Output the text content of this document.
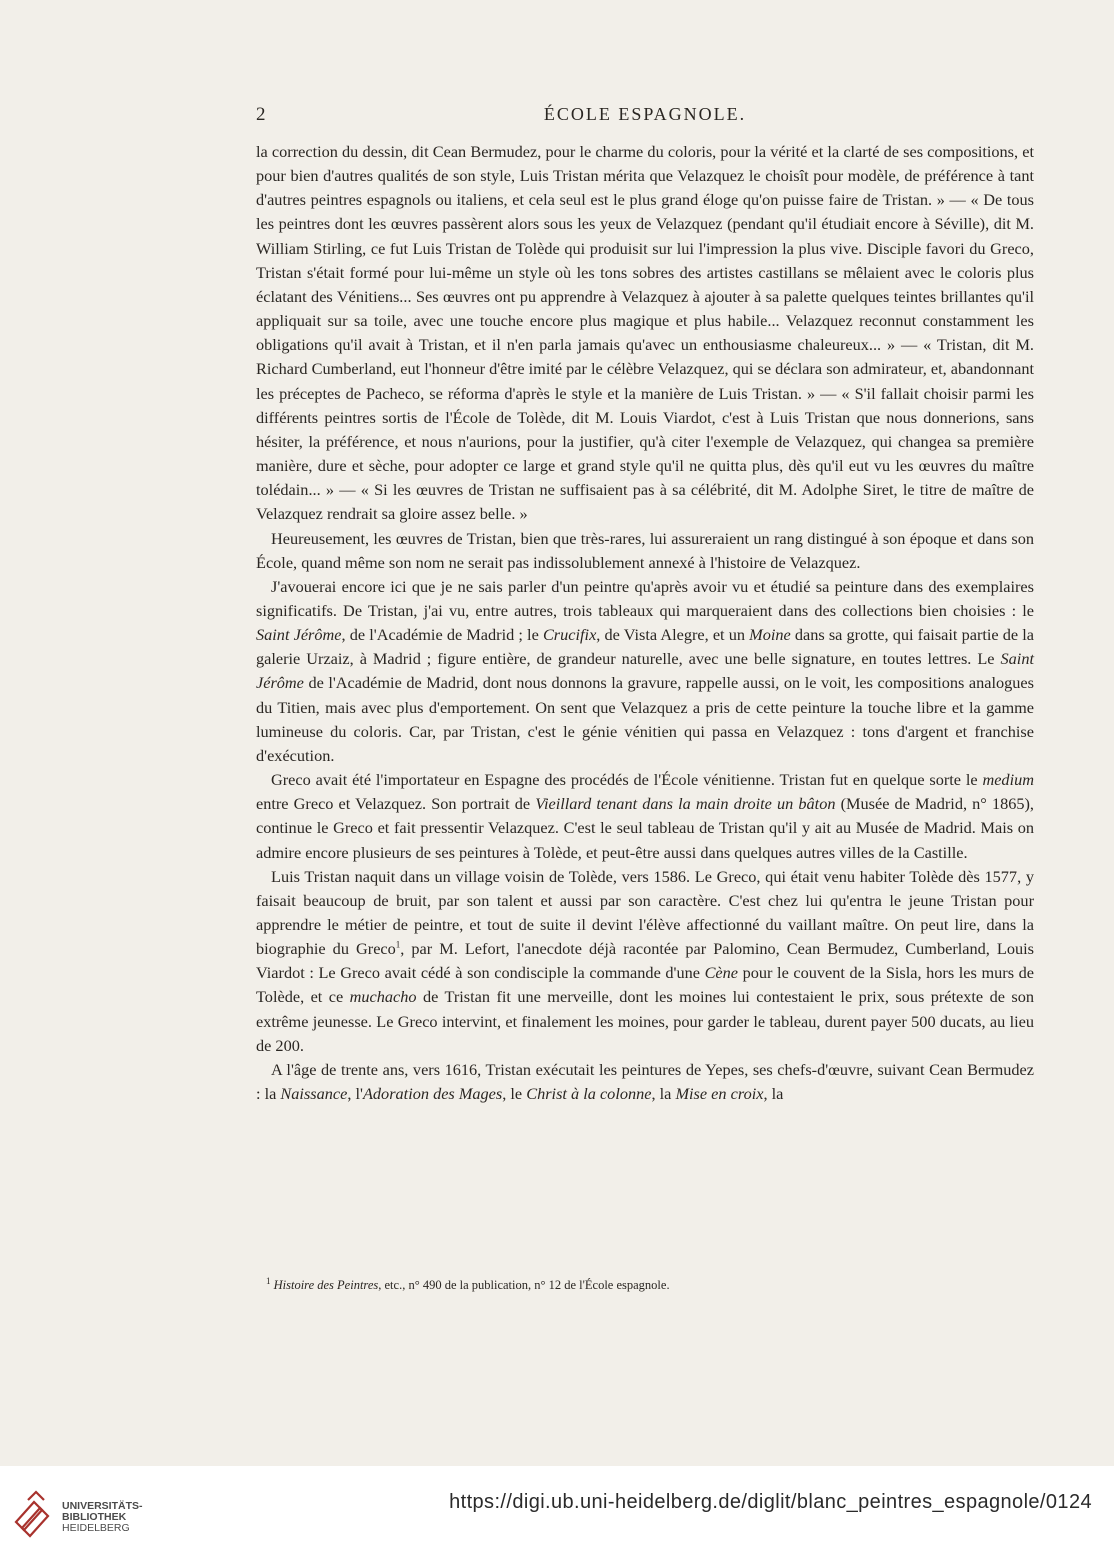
2	ÉCOLE ESPAGNOLE.

la correction du dessin, dit Cean Bermudez, pour le charme du coloris, pour la vérité et la clarté de ses compositions, et pour bien d'autres qualités de son style, Luis Tristan mérita que Velazquez le choisît pour modèle, de préférence à tant d'autres peintres espagnols ou italiens, et cela seul est le plus grand éloge qu'on puisse faire de Tristan. » — « De tous les peintres dont les œuvres passèrent alors sous les yeux de Velazquez (pendant qu'il étudiait encore à Séville), dit M. William Stirling, ce fut Luis Tristan de Tolède qui produisit sur lui l'impression la plus vive. Disciple favori du Greco, Tristan s'était formé pour lui-même un style où les tons sobres des artistes castillans se mêlaient avec le coloris plus éclatant des Vénitiens... Ses œuvres ont pu apprendre à Velazquez à ajouter à sa palette quelques teintes brillantes qu'il appliquait sur sa toile, avec une touche encore plus magique et plus habile... Velazquez reconnut constamment les obligations qu'il avait à Tristan, et il n'en parla jamais qu'avec un enthousiasme chaleureux... » — « Tristan, dit M. Richard Cumberland, eut l'honneur d'être imité par le célèbre Velazquez, qui se déclara son admirateur, et, abandonnant les préceptes de Pacheco, se réforma d'après le style et la manière de Luis Tristan. » — « S'il fallait choisir parmi les différents peintres sortis de l'École de Tolède, dit M. Louis Viardot, c'est à Luis Tristan que nous donnerions, sans hésiter, la préférence, et nous n'aurions, pour la justifier, qu'à citer l'exemple de Velazquez, qui changea sa première manière, dure et sèche, pour adopter ce large et grand style qu'il ne quitta plus, dès qu'il eut vu les œuvres du maître tolédain... » — « Si les œuvres de Tristan ne suffisaient pas à sa célébrité, dit M. Adolphe Siret, le titre de maître de Velazquez rendrait sa gloire assez belle. »

Heureusement, les œuvres de Tristan, bien que très-rares, lui assureraient un rang distingué à son époque et dans son École, quand même son nom ne serait pas indissolublement annexé à l'histoire de Velazquez.

J'avouerai encore ici que je ne sais parler d'un peintre qu'après avoir vu et étudié sa peinture dans des exemplaires significatifs. De Tristan, j'ai vu, entre autres, trois tableaux qui marqueraient dans des collections bien choisies : le Saint Jérôme, de l'Académie de Madrid ; le Crucifix, de Vista Alegre, et un Moine dans sa grotte, qui faisait partie de la galerie Urzaiz, à Madrid ; figure entière, de grandeur naturelle, avec une belle signature, en toutes lettres. Le Saint Jérôme de l'Académie de Madrid, dont nous donnons la gravure, rappelle aussi, on le voit, les compositions analogues du Titien, mais avec plus d'emportement. On sent que Velazquez a pris de cette peinture la touche libre et la gamme lumineuse du coloris. Car, par Tristan, c'est le génie vénitien qui passa en Velazquez : tons d'argent et franchise d'exécution.

Greco avait été l'importateur en Espagne des procédés de l'École vénitienne. Tristan fut en quelque sorte le medium entre Greco et Velazquez. Son portrait de Vieillard tenant dans la main droite un bâton (Musée de Madrid, n° 1865), continue le Greco et fait pressentir Velazquez. C'est le seul tableau de Tristan qu'il y ait au Musée de Madrid. Mais on admire encore plusieurs de ses peintures à Tolède, et peut-être aussi dans quelques autres villes de la Castille.

Luis Tristan naquit dans un village voisin de Tolède, vers 1586. Le Greco, qui était venu habiter Tolède dès 1577, y faisait beaucoup de bruit, par son talent et aussi par son caractère. C'est chez lui qu'entra le jeune Tristan pour apprendre le métier de peintre, et tout de suite il devint l'élève affectionné du vaillant maître. On peut lire, dans la biographie du Greco$^1$, par M. Lefort, l'anecdote déjà racontée par Palomino, Cean Bermudez, Cumberland, Louis Viardot : Le Greco avait cédé à son condisciple la commande d'une Cène pour le couvent de la Sisla, hors les murs de Tolède, et ce muchacho de Tristan fit une merveille, dont les moines lui contestaient le prix, sous prétexte de son extrême jeunesse. Le Greco intervint, et finalement les moines, pour garder le tableau, durent payer 500 ducats, au lieu de 200.

A l'âge de trente ans, vers 1616, Tristan exécutait les peintures de Yepes, ses chefs-d'œuvre, suivant Cean Bermudez : la Naissance, l'Adoration des Mages, le Christ à la colonne, la Mise en croix, la

$^1$ Histoire des Peintres, etc., n° 490 de la publication, n° 12 de l'École espagnole.
UNIVERSITÄTS-
BIBLIOTHEK
HEIDELBERG
https://digi.ub.uni-heidelberg.de/diglit/blanc_peintres_espagnole/0124
